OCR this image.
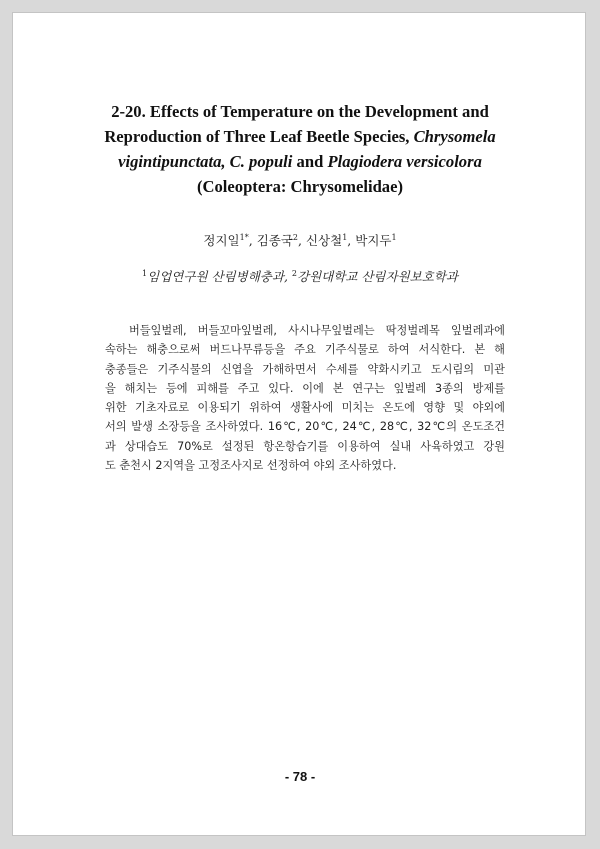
2-20. Effects of Temperature on the Development and
Reproduction of Three Leaf Beetle Species, Chrysomela
vigintipunctata, C. populi and Plagiodera versicolora
(Coleoptera: Chrysomelidae)
정지일$^{1*}$, 김종국$^2$, 신상철$^1$, 박지두$^1$
$^1$임업연구원 산림병해충과, $^2$강원대학교 산림자원보호학과
버들잎벌레, 버들꼬마잎벌레, 사시나무잎벌레는 딱정벌레목 잎벌레과에
속하는 해충으로써 버드나무류등을 주요 기주식물로 하여 서식한다. 본 해
충종들은 기주식물의 신엽을 가해하면서 수세를 약화시키고 도시림의 미관
을 해치는 등에 피해를 주고 있다. 이에 본 연구는 잎벌레 3종의 방제를
위한 기초자료로 이용되기 위하여 생활사에 미치는 온도에 영향 및 야외에
서의 발생 소장등을 조사하였다. 16℃, 20℃, 24℃, 28℃, 32℃의 온도조건
과 상대습도 70%로 설정된 항온항습기를 이용하여 실내 사육하였고 강원
도 춘천시 2지역을 고정조사지로 선정하여 야외 조사하였다.
- 78 -
